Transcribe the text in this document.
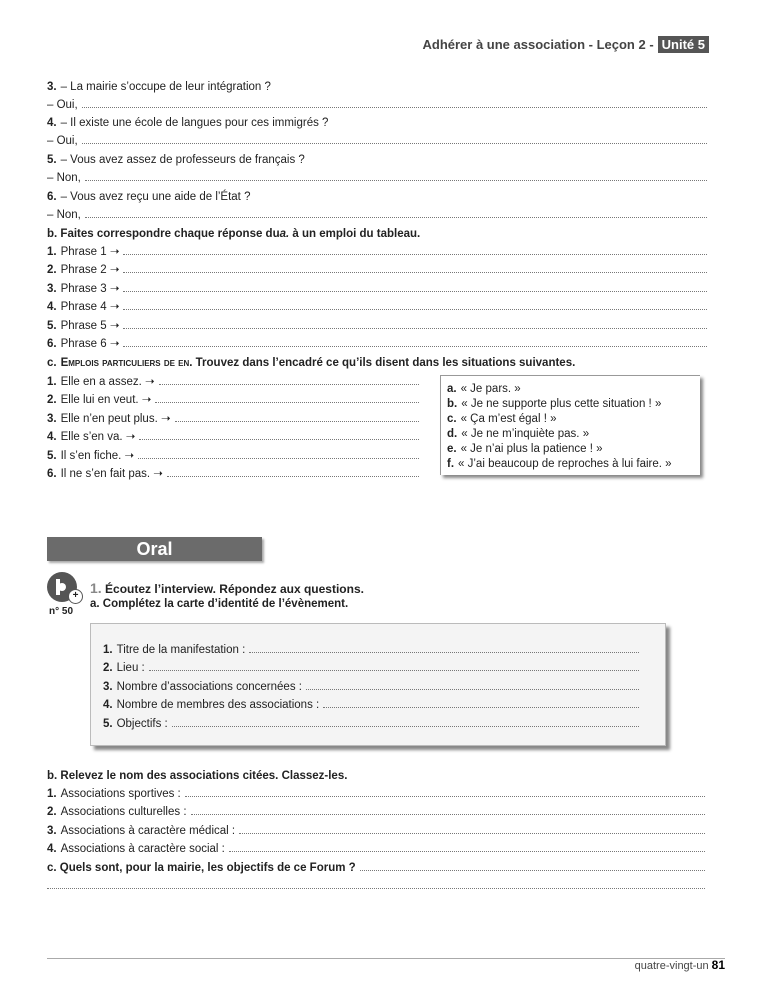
Adhérer à une association - Leçon 2 - Unité 5
3. – La mairie s’occupe de leur intégration ?
– Oui,
4. – Il existe une école de langues pour ces immigrés ?
– Oui,
5. – Vous avez assez de professeurs de français ?
– Non,
6. – Vous avez reçu une aide de l’État ?
– Non,
b. Faites correspondre chaque réponse du a. à un emploi du tableau.
1. Phrase 1 ➝
2. Phrase 2 ➝
3. Phrase 3 ➝
4. Phrase 4 ➝
5. Phrase 5 ➝
6. Phrase 6 ➝
c. Emplois particuliers de en. Trouvez dans l’encadré ce qu’ils disent dans les situations suivantes.
1. Elle en a assez. ➝
2. Elle lui en veut. ➝
3. Elle n’en peut plus. ➝
4. Elle s’en va. ➝
5. Il s’en fiche. ➝
6. Il ne s’en fait pas. ➝
a. « Je pars. »
b. « Je ne supporte plus cette situation ! »
c. « Ça m’est égal ! »
d. « Je ne m’inquiète pas. »
e. « Je n’ai plus la patience ! »
f. « J’ai beaucoup de reproches à lui faire. »
Oral
+
n° 50
1. Écoutez l’interview. Répondez aux questions.
a. Complétez la carte d’identité de l’évènement.
1. Titre de la manifestation :
2. Lieu :
3. Nombre d’associations concernées :
4. Nombre de membres des associations :
5. Objectifs :
b. Relevez le nom des associations citées. Classez-les.
1. Associations sportives :
2. Associations culturelles :
3. Associations à caractère médical :
4. Associations à caractère social :
c. Quels sont, pour la mairie, les objectifs de ce Forum ?
quatre-vingt-un 81
